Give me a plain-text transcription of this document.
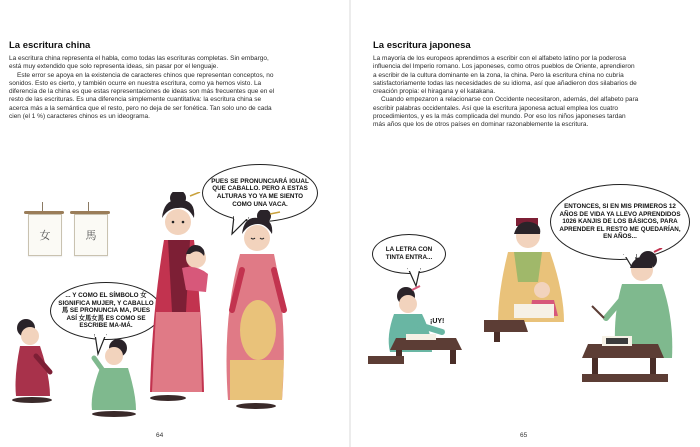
La escritura china

La escritura china representa el habla, como todas las escrituras completas. Sin embargo, está muy extendido que solo representa ideas, sin pasar por el lenguaje.

Este error se apoya en la existencia de caracteres chinos que representan conceptos, no sonidos. Esto es cierto, y también ocurre en nuestra escritura, como ya hemos visto. La diferencia de la china es que estas representaciones de ideas son más frecuentes que en el resto de las escrituras. Es una diferencia simplemente cuantitativa: la escritura china se acerca más a la semántica que el resto, pero no deja de ser fonética. Tan solo uno de cada cien (el 1 %) caracteres chinos es un ideograma.

女	馬
PUES SE PRONUNCIARÁ IGUAL QUE CABALLO. PERO A ESTAS ALTURAS YO YA ME SIENTO COMO UNA VACA.
... Y COMO EL SÍMBOLO 女 SIGNIFICA MUJER, Y CABALLO 馬 SE PRONUNCIA MA, PUES ASÍ 女馬女馬 ES COMO SE ESCRIBE MA-MÁ.
64
La escritura japonesa

La mayoría de los europeos aprendimos a escribir con el alfabeto latino por la poderosa influencia del Imperio romano. Los japoneses, como otros pueblos de Oriente, aprendieron a escribir de la cultura dominante en la zona, la china. Pero la escritura china no cubría satisfactoriamente todas las necesidades de su idioma, así que añadieron dos silabarios de creación propia: el hiragana y el katakana.

Cuando empezaron a relacionarse con Occidente necesitaron, además, del alfabeto para escribir palabras occidentales. Así que la escritura japonesa actual emplea los cuatro procedimientos, y es la más complicada del mundo. Por eso los niños japoneses tardan más años que los de otros países en dominar razonablemente la escritura.

LA LETRA CON TINTA ENTRA...
ENTONCES, SI EN MIS PRIMEROS 12 AÑOS DE VIDA YA LLEVO APRENDIDOS 1026 KANJIS DE LOS BÁSICOS, PARA APRENDER EL RESTO ME QUEDARÍAN, EN AÑOS...
¡UY!
65
